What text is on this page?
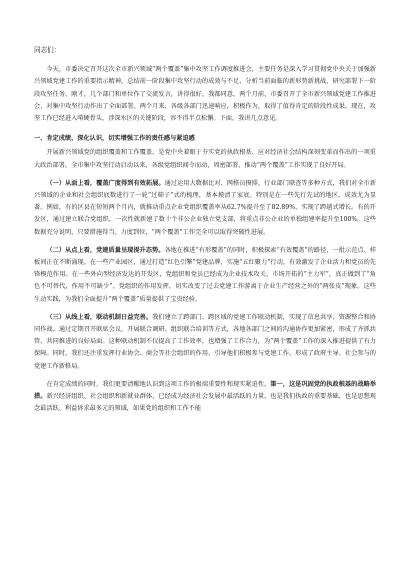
同志们：

今天，市委决定召开这次全市新兴领域“两个覆盖”集中攻坚工作调度推进会，主要任务是深入学习贯彻党中央关于加强新兴领域党建工作的重要指示精神，总结前一阶段集中攻坚行动的成效与不足，分析当前面临的新形势新挑战，研究部署下一阶段攻坚任务。刚才，几个部门和单位作了交流发言，讲得很好，我都同意。两个月前，市委召开了全市新兴领域党建工作推进会，对集中攻坚行动作出了全面部署。两个月来，各级各部门迅速响应，积极作为，取得了值得肯定的阶段性成果。现在，攻坚工作已经进入啃硬骨头、涉深水区的关键阶段，容不得半点松懈。下面，我讲几点意见。

一、肯定成绩，深化认识，切实增强工作的责任感与紧迫感

开展新兴领域党的组织覆盖和工作覆盖，是党中央着眼于夯实党的执政根基、应对经济社会结构深刻变革而作出的一项重大政治部署。全市集中攻坚行动启动以来，各级党组织闻令而动，周密部署，推动“两个覆盖”工作实现了良好开局。

（一）从面上看，覆盖广度得到有效拓展。通过运用大数据比对、网格员摸排、行业部门联查等多种方式，我们对全市新兴领域的企业和社会组织底数进行了一轮“过筛子”式的梳理，基本摸清了家底。特别是在一些先行先试的地区，成效尤为显著。例如，有的区县在短短两个月内，就推动重点企业党组织覆盖率从62.7%提升至了82.89%，实现了跨越式增长。有的开发区，通过建立联合党组织，一次性就新建了数十个非公企业独立党支部，将重点非公企业的单独组建率提升至100%。这些数据充分说明，只要措施得当、力度到位，“两个覆盖”工作完全可以取得突破性进展。

（二）从点上看，党建质量呈现提升态势。各地在推进“有形覆盖”的同时，积极探索“有效覆盖”的路径，一批示范点、样板间正在不断涌现。在一些产业园区，通过打造“红色引擎”党建品牌，实施“五红聚力”行动，有效激发了企业活力和党员的先锋模范作用。在一些外向型经济发达的开发区，党组织和党员已经成为企业技术攻关、市场开拓的“主力军”，真正做到了“角色不可替代，作用不可缺少”。党组织的作用发挥，切实改变了过去党建工作游离于企业生产经营之外的“两张皮”现象。这些生动实践，为我们全面提升“两个覆盖”质量提供了宝贵经验。

（三）从线上看，联动机制日益完善。我们建立了跨部门、跨区域的党建工作联动机制，实现了信息共享、资源整合和协同作战。通过定期召开联席会议，开展联合调研、组织联合培训等方式，各地各部门之间的沟通协作更加紧密，形成了齐抓共管、共同推进的良好局面。这种联动机制不仅提高了工作效率，也增强了工作合力，为“两个覆盖”工作的深入推进提供了有力保障。同时，我们还注重发挥行业协会、商会等社会组织的作用，引导他们积极参与党建工作，形成了政府主导、社会参与的党建工作新格局。

在肯定成绩的同时，我们更要清醒地认识到这项工作的极端重要性和现实紧迫性。第一，这是巩固党的执政根基的战略举措。新兴经济组织、社会组织和新就业群体，已经成为经济社会发展中最活跃的力量，也是我们执政的重要基础，也是思想观念最活跃、利益诉求最多元的领域，如果党的组织和工作不能
